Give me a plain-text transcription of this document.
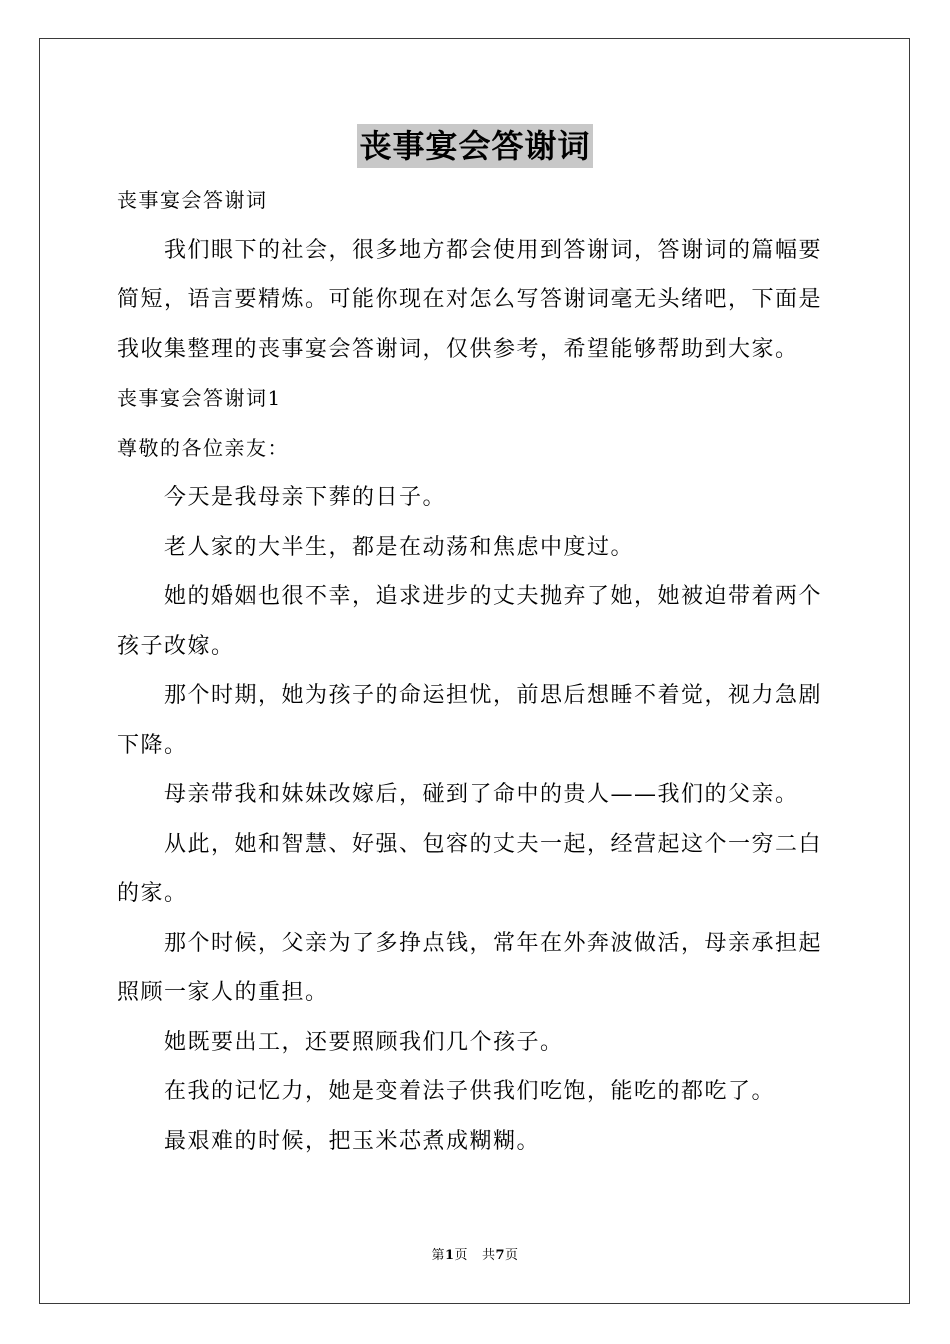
丧事宴会答谢词
丧事宴会答谢词
我们眼下的社会，很多地方都会使用到答谢词，答谢词的篇幅要
简短，语言要精炼。可能你现在对怎么写答谢词毫无头绪吧，下面是
我收集整理的丧事宴会答谢词，仅供参考，希望能够帮助到大家。
丧事宴会答谢词1
尊敬的各位亲友：
今天是我母亲下葬的日子。
老人家的大半生，都是在动荡和焦虑中度过。
她的婚姻也很不幸，追求进步的丈夫抛弃了她，她被迫带着两个
孩子改嫁。
那个时期，她为孩子的命运担忧，前思后想睡不着觉，视力急剧
下降。
母亲带我和妹妹改嫁后，碰到了命中的贵人——我们的父亲。
从此，她和智慧、好强、包容的丈夫一起，经营起这个一穷二白
的家。
那个时候，父亲为了多挣点钱，常年在外奔波做活，母亲承担起
照顾一家人的重担。
她既要出工，还要照顾我们几个孩子。
在我的记忆力，她是变着法子供我们吃饱，能吃的都吃了。
最艰难的时候，把玉米芯煮成糊糊。
第1页 共7页
